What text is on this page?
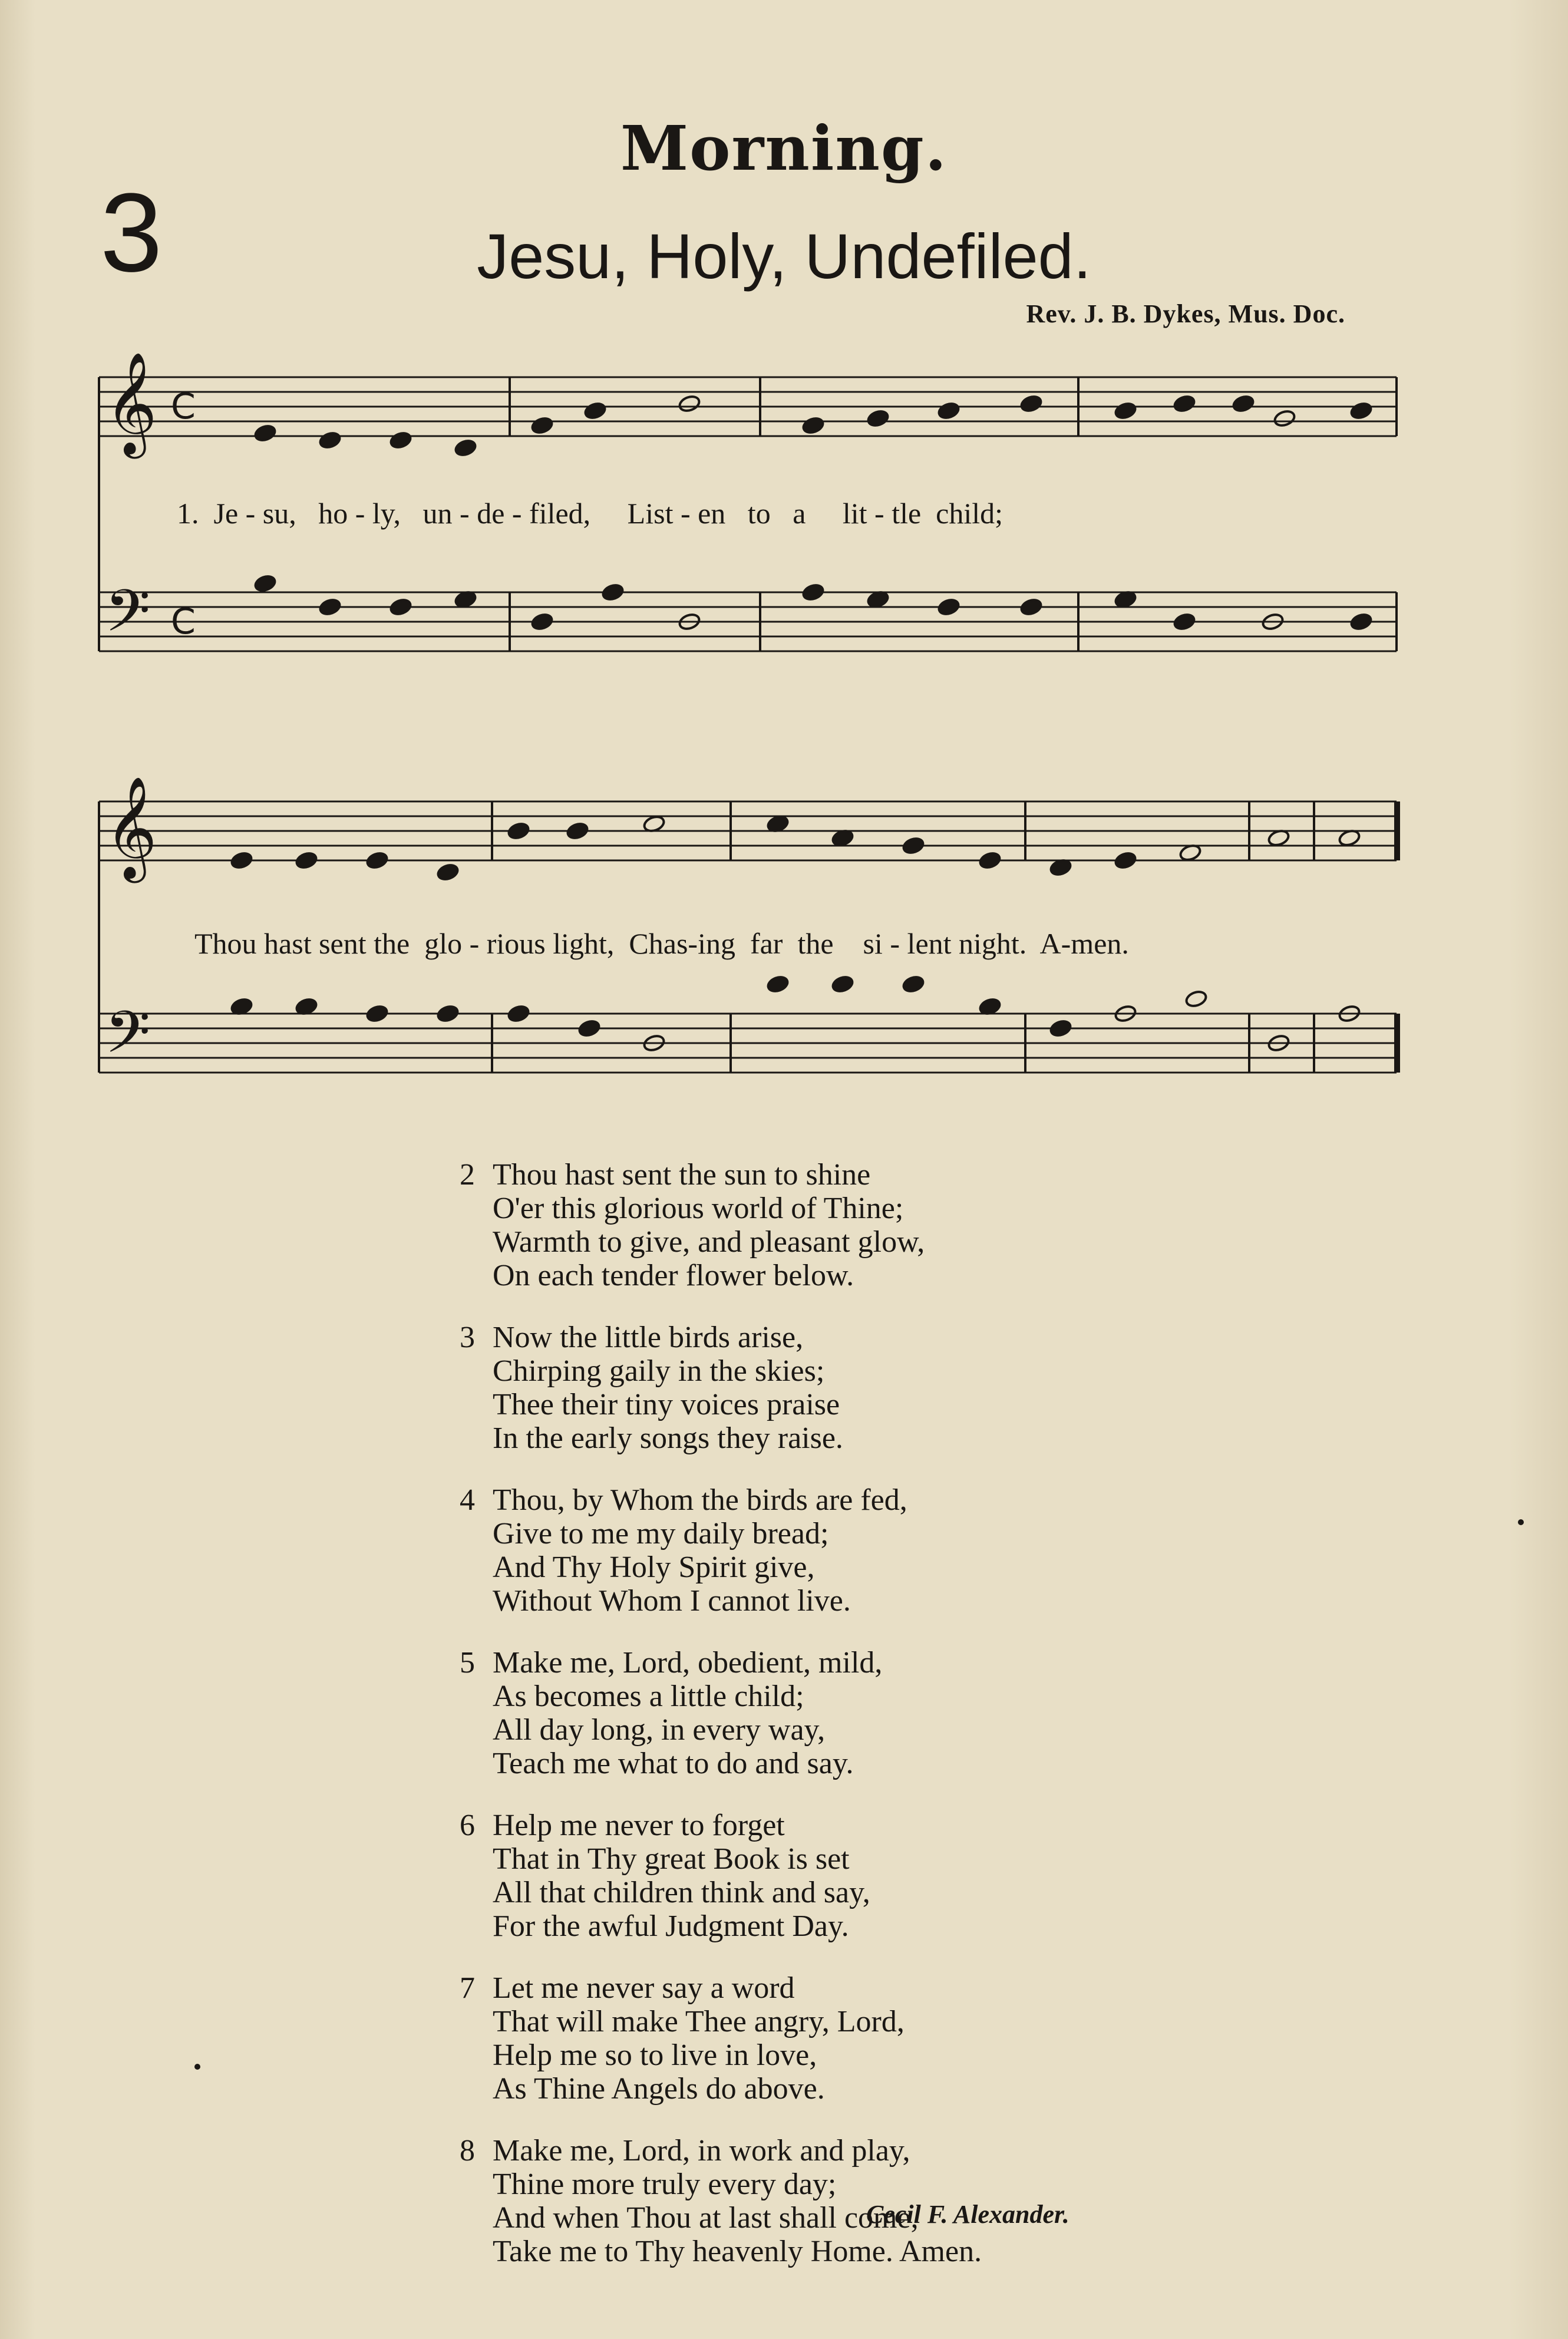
Morning.
3	Jesu, Holy, Undefiled.
Rev. J. B. Dykes, Mus. Doc.
𝄞
𝄢
C
C
𝄞
𝄢
1.  Je - su,   ho - ly,   un - de - filed,     List - en   to   a     lit - tle  child;
Thou hast sent the  glo - rious light,  Chas-ing  far  the    si - lent night.  A-men.
2 Thou hast sent the sun to shine
O'er this glorious world of Thine;
Warmth to give, and pleasant glow,
On each tender flower below.
3 Now the little birds arise,
Chirping gaily in the skies;
Thee their tiny voices praise
In the early songs they raise.
4 Thou, by Whom the birds are fed,
Give to me my daily bread;
And Thy Holy Spirit give,
Without Whom I cannot live.
5 Make me, Lord, obedient, mild,
As becomes a little child;
All day long, in every way,
Teach me what to do and say.
6 Help me never to forget
That in Thy great Book is set
All that children think and say,
For the awful Judgment Day.
7 Let me never say a word
That will make Thee angry, Lord,
Help me so to live in love,
As Thine Angels do above.
8 Make me, Lord, in work and play,
Thine more truly every day;
And when Thou at last shall come,
Take me to Thy heavenly Home. Amen.
Cecil F. Alexander.
